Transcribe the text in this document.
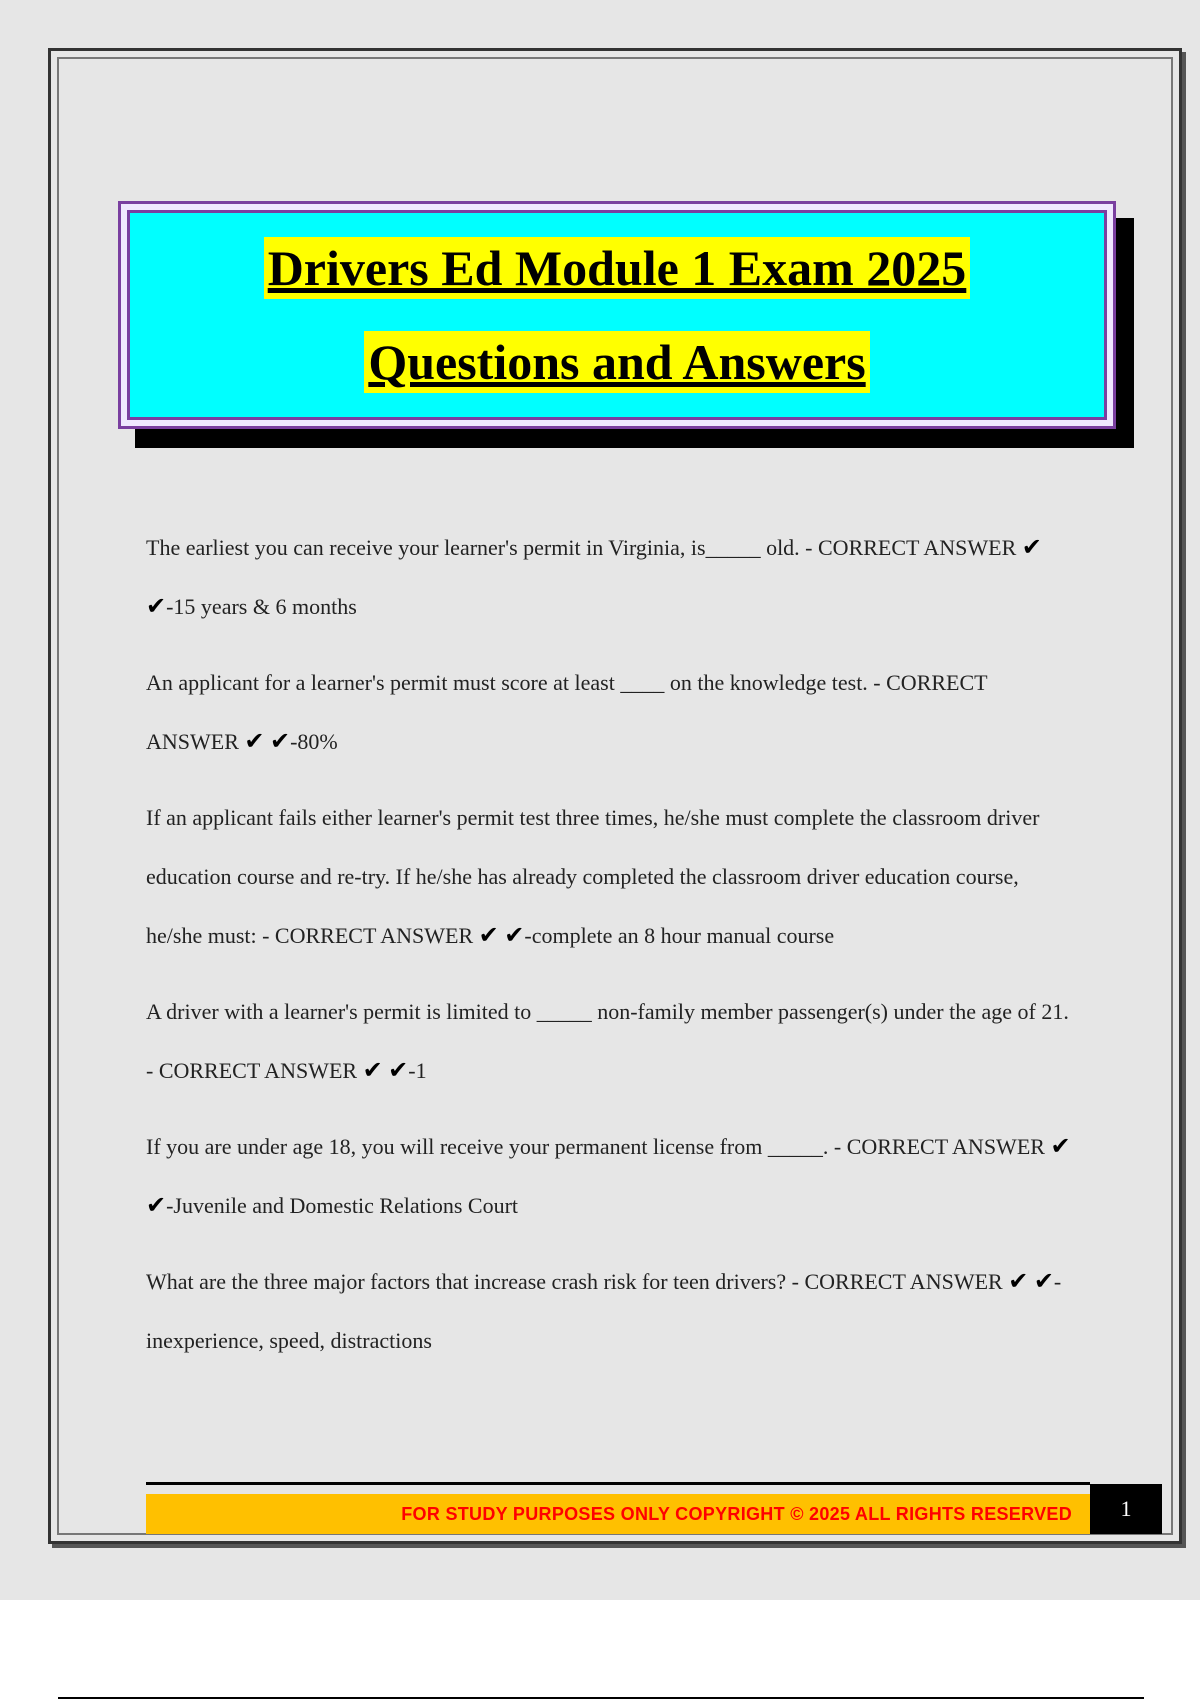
Drivers Ed Module 1 Exam 2025
Questions and Answers
The earliest you can receive your learner's permit in Virginia, is_____ old. - CORRECT ANSWER ✔ ✔-15 years & 6 months
An applicant for a learner's permit must score at least ____ on the knowledge test. - CORRECT ANSWER ✔ ✔-80%
If an applicant fails either learner's permit test three times, he/she must complete the classroom driver education course and re-try. If he/she has already completed the classroom driver education course, he/she must: - CORRECT ANSWER ✔ ✔-complete an 8 hour manual course
A driver with a learner's permit is limited to _____ non-family member passenger(s) under the age of 21. - CORRECT ANSWER ✔ ✔-1
If you are under age 18, you will receive your permanent license from _____. - CORRECT ANSWER ✔ ✔-Juvenile and Domestic Relations Court
What are the three major factors that increase crash risk for teen drivers? - CORRECT ANSWER ✔ ✔-inexperience, speed, distractions
FOR STUDY PURPOSES ONLY COPYRIGHT © 2025 ALL RIGHTS RESERVED	1
